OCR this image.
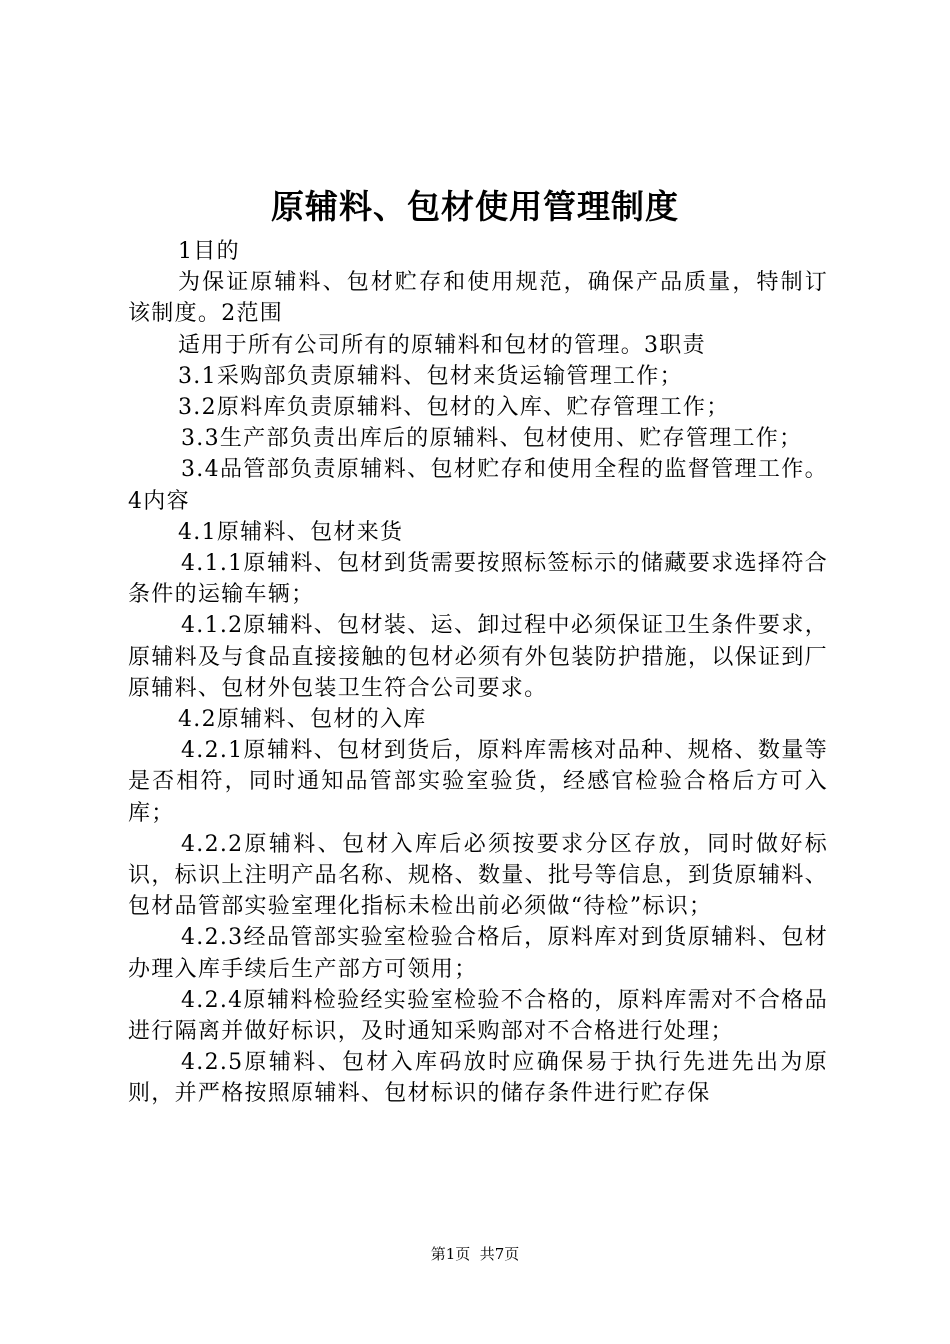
原辅料、包材使用管理制度

1目的

为保证原辅料、包材贮存和使用规范，确保产品质量，特制订该制度。2范围

适用于所有公司所有的原辅料和包材的管理。3职责

3.1采购部负责原辅料、包材来货运输管理工作；

3.2原料库负责原辅料、包材的入库、贮存管理工作；

3.3生产部负责出库后的原辅料、包材使用、贮存管理工作；

3.4品管部负责原辅料、包材贮存和使用全程的监督管理工作。4内容

4.1原辅料、包材来货

4.1.1原辅料、包材到货需要按照标签标示的储藏要求选择符合条件的运输车辆；

4.1.2原辅料、包材装、运、卸过程中必须保证卫生条件要求，原辅料及与食品直接接触的包材必须有外包装防护措施，以保证到厂原辅料、包材外包装卫生符合公司要求。

4.2原辅料、包材的入库

4.2.1原辅料、包材到货后，原料库需核对品种、规格、数量等是否相符，同时通知品管部实验室验货，经感官检验合格后方可入库；

4.2.2原辅料、包材入库后必须按要求分区存放，同时做好标识，标识上注明产品名称、规格、数量、批号等信息，到货原辅料、包材品管部实验室理化指标未检出前必须做“待检”标识；

4.2.3经品管部实验室检验合格后，原料库对到货原辅料、包材办理入库手续后生产部方可领用；

4.2.4原辅料检验经实验室检验不合格的，原料库需对不合格品进行隔离并做好标识，及时通知采购部对不合格进行处理；

4.2.5原辅料、包材入库码放时应确保易于执行先进先出为原则，并严格按照原辅料、包材标识的储存条件进行贮存保

第1页  共7页
